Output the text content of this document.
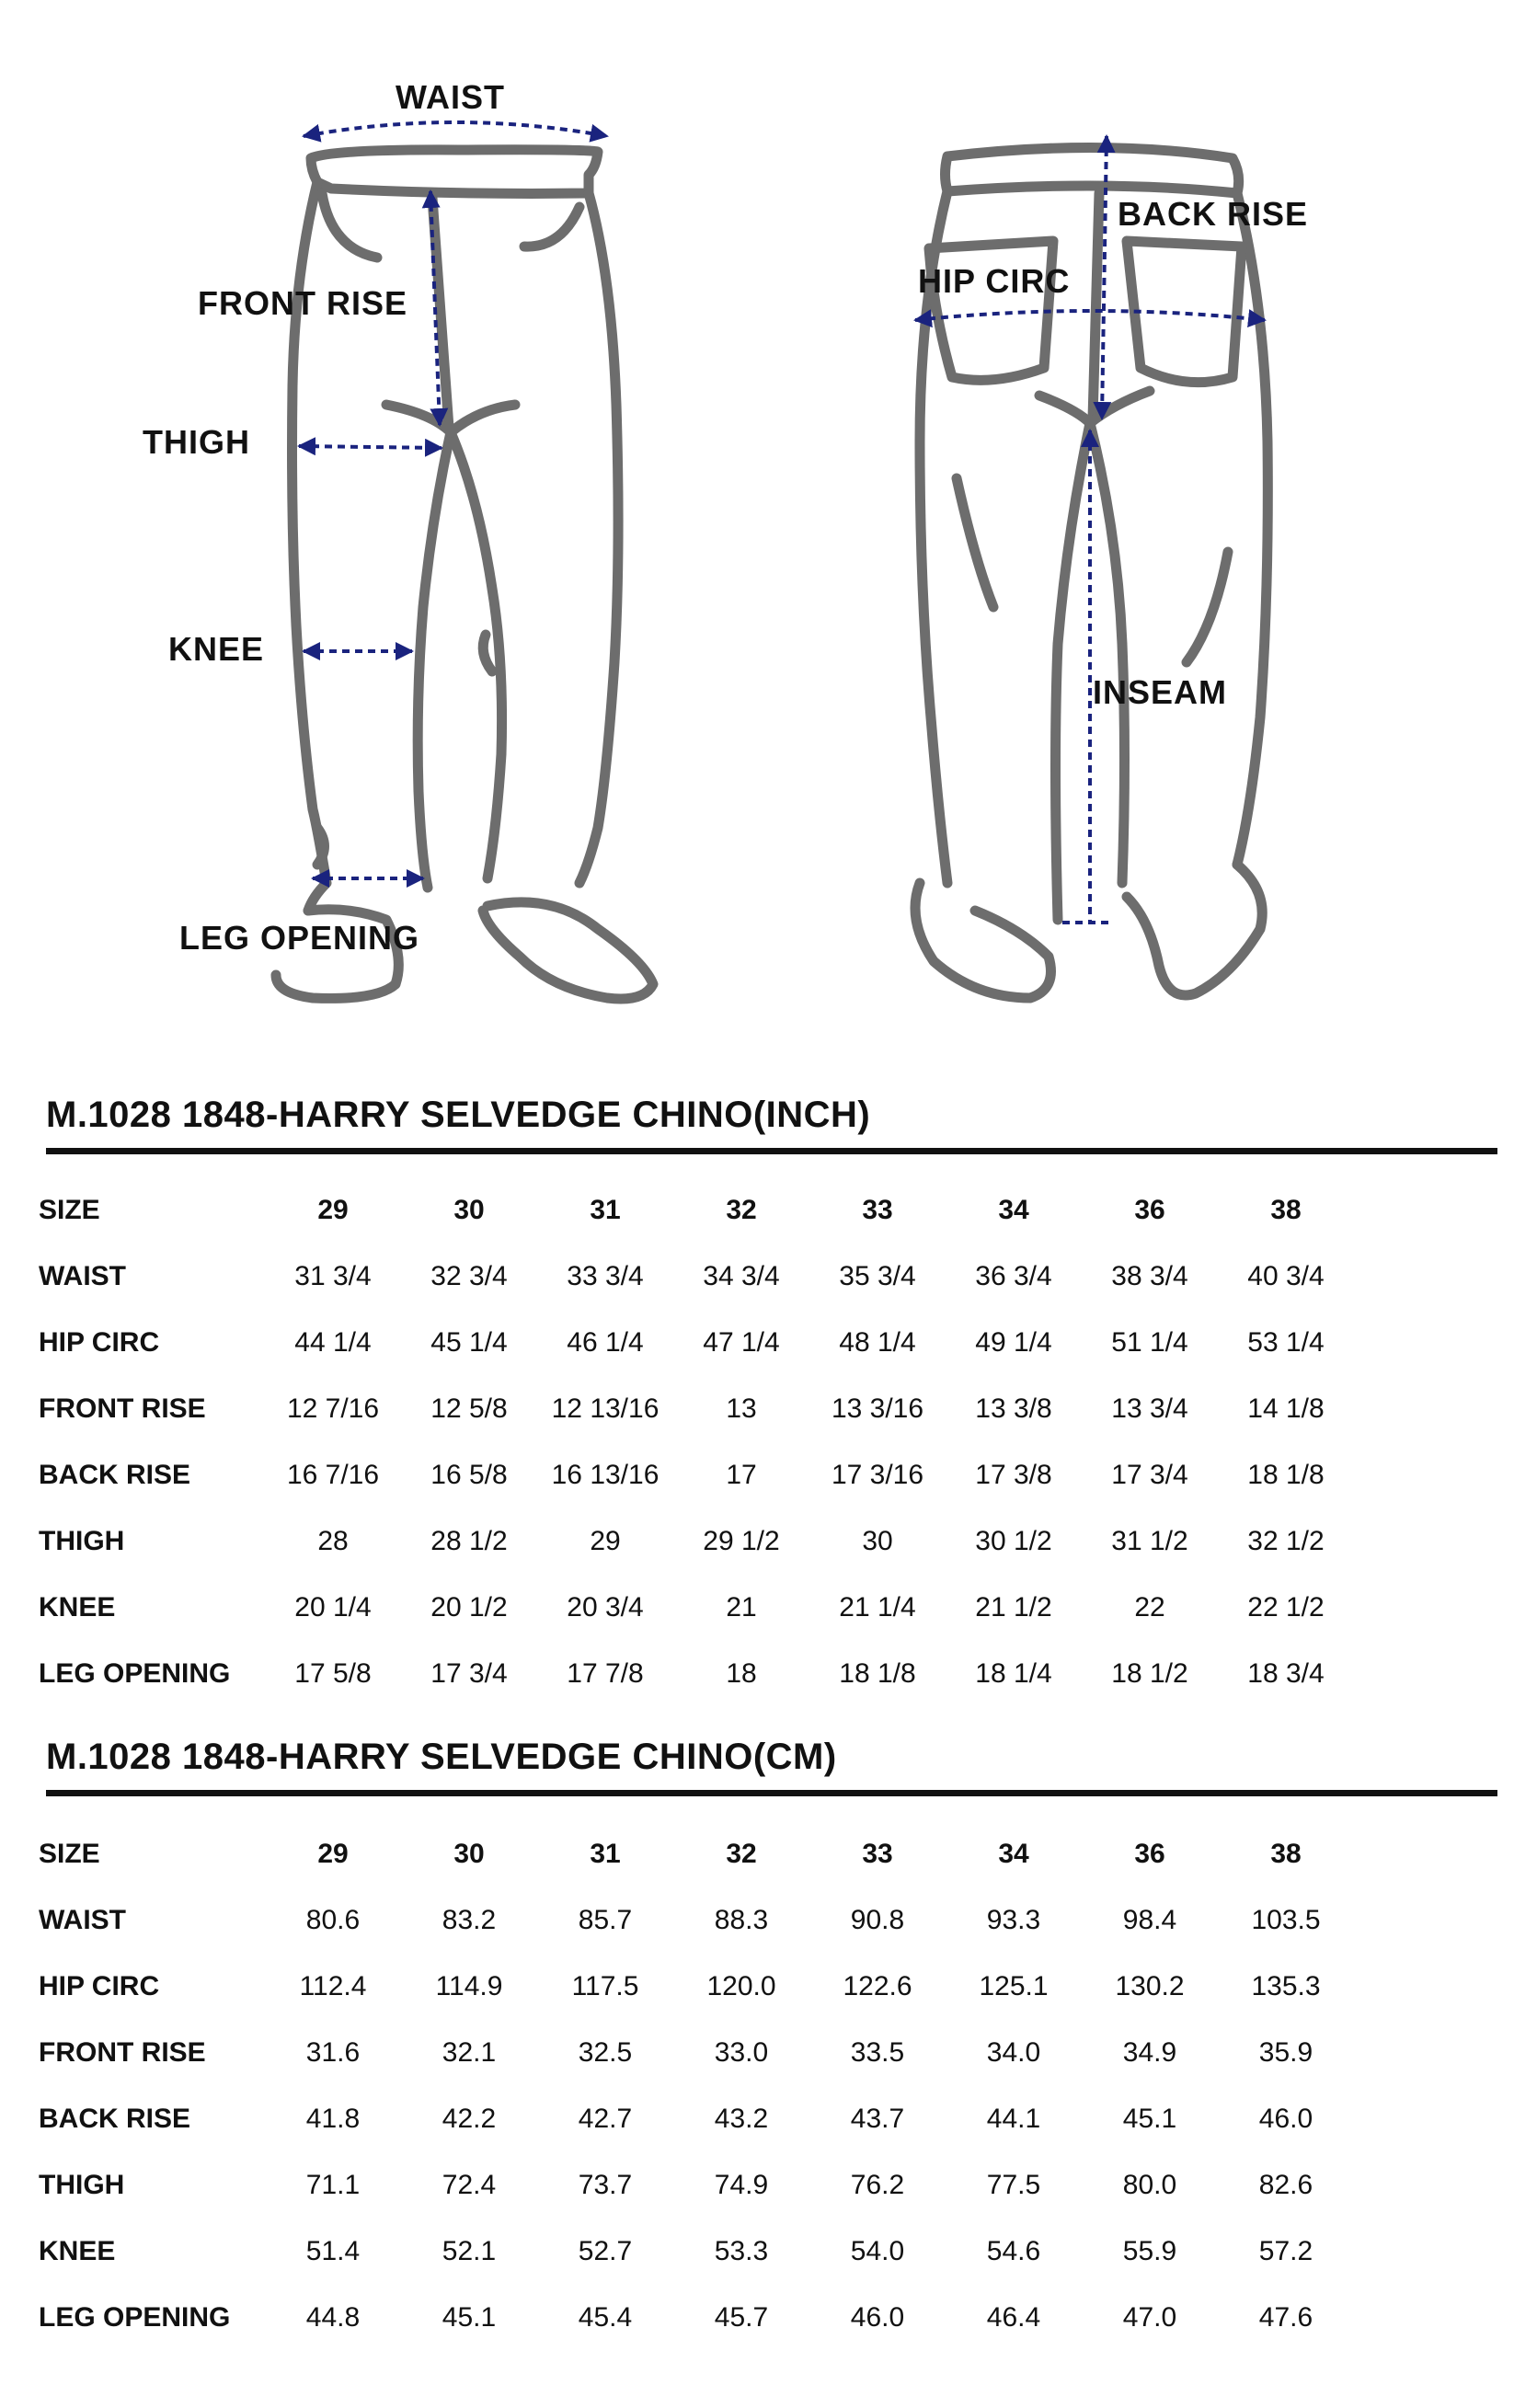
WAIST
FRONT RISE
THIGH
KNEE
LEG OPENING
BACK RISE
HIP CIRC
INSEAM
M.1028 1848-HARRY SELVEDGE CHINO(INCH)
SIZE	29	30	31	32	33	34	36	38
WAIST	31 3/4	32 3/4	33 3/4	34 3/4	35 3/4	36 3/4	38 3/4	40 3/4
HIP CIRC	44 1/4	45 1/4	46 1/4	47 1/4	48 1/4	49 1/4	51 1/4	53 1/4
FRONT RISE	12 7/16	12 5/8	12 13/16	13	13 3/16	13 3/8	13 3/4	14 1/8
BACK RISE	16 7/16	16 5/8	16 13/16	17	17 3/16	17 3/8	17 3/4	18 1/8
THIGH	28	28 1/2	29	29 1/2	30	30 1/2	31 1/2	32 1/2
KNEE	20 1/4	20 1/2	20 3/4	21	21 1/4	21 1/2	22	22 1/2
LEG OPENING	17 5/8	17 3/4	17 7/8	18	18 1/8	18 1/4	18 1/2	18 3/4
M.1028 1848-HARRY SELVEDGE CHINO(CM)
SIZE	29	30	31	32	33	34	36	38
WAIST	80.6	83.2	85.7	88.3	90.8	93.3	98.4	103.5
HIP CIRC	112.4	114.9	117.5	120.0	122.6	125.1	130.2	135.3
FRONT RISE	31.6	32.1	32.5	33.0	33.5	34.0	34.9	35.9
BACK RISE	41.8	42.2	42.7	43.2	43.7	44.1	45.1	46.0
THIGH	71.1	72.4	73.7	74.9	76.2	77.5	80.0	82.6
KNEE	51.4	52.1	52.7	53.3	54.0	54.6	55.9	57.2
LEG OPENING	44.8	45.1	45.4	45.7	46.0	46.4	47.0	47.6
